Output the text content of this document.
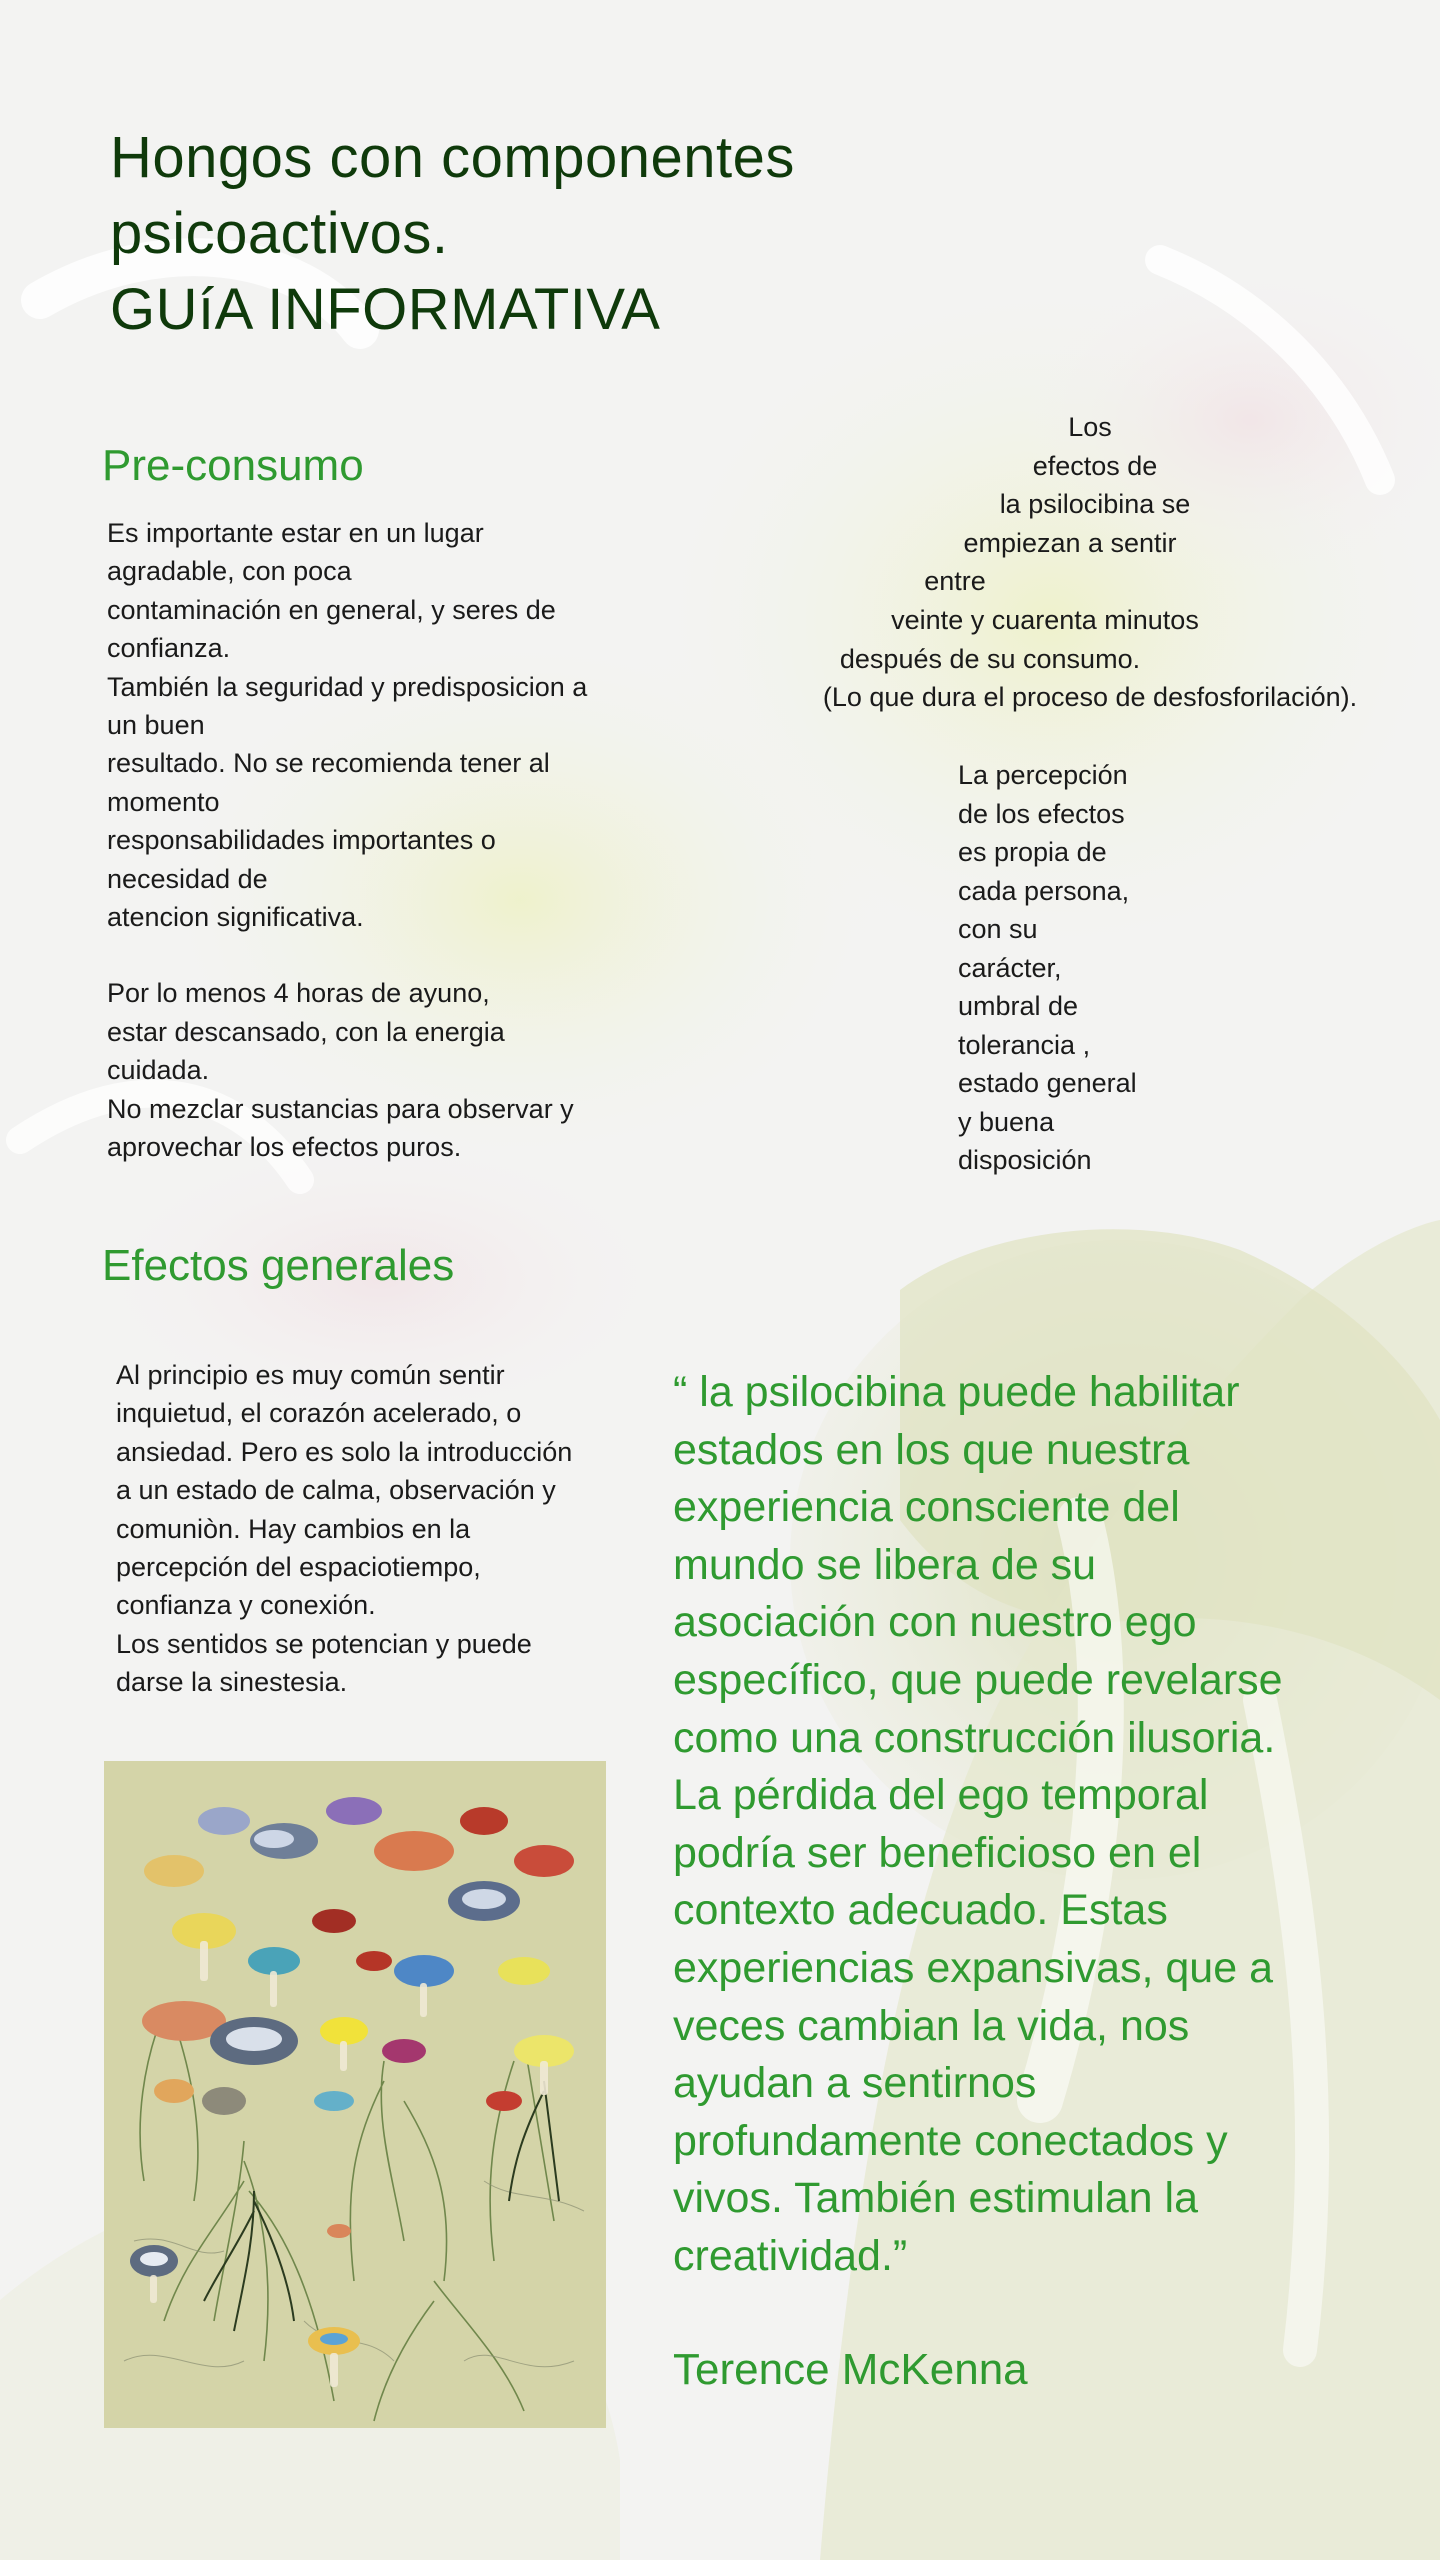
Hongos con componentes
psicoactivos.
GUíA INFORMATIVA
Pre-consumo
Es importante estar en un lugar
agradable, con poca
contaminación en general, y seres de
confianza.
También la seguridad y predisposicion a
un buen
resultado. No se recomienda tener al
momento
responsabilidades importantes o
necesidad de
atencion significativa.
Por lo menos 4 horas de ayuno,
estar descansado, con la energia
cuidada.
No mezclar sustancias para observar y
aprovechar los efectos puros.
Los
efectos de
la psilocibina se
empiezan a sentir
entre
veinte y cuarenta minutos
después de su consumo.
(Lo que dura el proceso de desfosforilación).
La percepción
de los efectos
es propia de
cada persona,
con su
carácter,
umbral de
tolerancia ,
estado general
y buena
disposición
Efectos generales
Al principio es muy común sentir
inquietud, el corazón acelerado, o
ansiedad. Pero es solo la introducción
a un estado de calma, observación y
comuniòn. Hay cambios en la
percepción del espaciotiempo,
confianza y conexión.
Los sentidos se potencian y puede
darse la sinestesia.
“ la psilocibina puede habilitar
estados en los que nuestra
experiencia consciente del
mundo se libera de su
asociación con nuestro ego
específico, que puede revelarse
como una construcción ilusoria.
La pérdida del ego temporal
podría ser beneficioso en el
contexto adecuado. Estas
experiencias expansivas, que a
veces cambian la vida, nos
ayudan a sentirnos
profundamente conectados y
vivos. También estimulan la
creatividad.”
Terence McKenna
